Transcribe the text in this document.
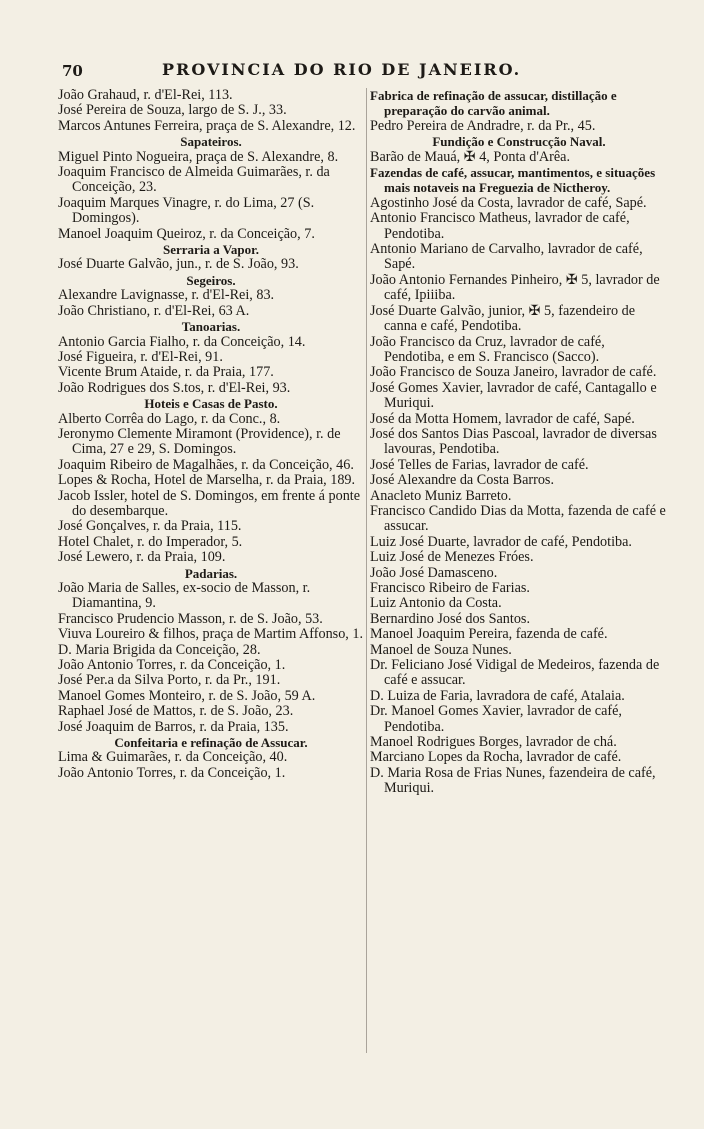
70	PROVINCIA DO RIO DE JANEIRO.

João Grahaud, r. d'El-Rei, 113.

José Pereira de Souza, largo de S. J., 33.

Marcos Antunes Ferreira, praça de S. Alexandre, 12.

Sapateiros.

Miguel Pinto Nogueira, praça de S. Alexandre, 8.

Joaquim Francisco de Almeida Guimarães, r. da Conceição, 23.

Joaquim Marques Vinagre, r. do Lima, 27 (S. Domingos).

Manoel Joaquim Queiroz, r. da Conceição, 7.

Serraria a Vapor.

José Duarte Galvão, jun., r. de S. João, 93.

Segeiros.

Alexandre Lavignasse, r. d'El-Rei, 83.

João Christiano, r. d'El-Rei, 63 A.

Tanoarias.

Antonio Garcia Fialho, r. da Conceição, 14.

José Figueira, r. d'El-Rei, 91.

Vicente Brum Ataide, r. da Praia, 177.

João Rodrigues dos S.tos, r. d'El-Rei, 93.

Hoteis e Casas de Pasto.

Alberto Corrêa do Lago, r. da Conc., 8.

Jeronymo Clemente Miramont (Providence), r. de Cima, 27 e 29, S. Domingos.

Joaquim Ribeiro de Magalhães, r. da Conceição, 46.

Lopes & Rocha, Hotel de Marselha, r. da Praia, 189.

Jacob Issler, hotel de S. Domingos, em frente á ponte do desembarque.

José Gonçalves, r. da Praia, 115.

Hotel Chalet, r. do Imperador, 5.

José Lewero, r. da Praia, 109.

Padarias.

João Maria de Salles, ex-socio de Masson, r. Diamantina, 9.

Francisco Prudencio Masson, r. de S. João, 53.

Viuva Loureiro & filhos, praça de Martim Affonso, 1.

D. Maria Brigida da Conceição, 28.

João Antonio Torres, r. da Conceição, 1.

José Per.a da Silva Porto, r. da Pr., 191.

Manoel Gomes Monteiro, r. de S. João, 59 A.

Raphael José de Mattos, r. de S. João, 23.

José Joaquim de Barros, r. da Praia, 135.

Confeitaria e refinação de Assucar.

Lima & Guimarães, r. da Conceição, 40.

João Antonio Torres, r. da Conceição, 1.

Fabrica de refinação de assucar, distillação e preparação do carvão animal.

Pedro Pereira de Andradre, r. da Pr., 45.

Fundição e Construcção Naval.

Barão de Mauá, ✠ 4, Ponta d'Arêa.

Fazendas de café, assucar, mantimentos, e situações mais notaveis na Freguezia de Nictheroy.

Agostinho José da Costa, lavrador de café, Sapé.

Antonio Francisco Matheus, lavrador de café, Pendotiba.

Antonio Mariano de Carvalho, lavrador de café, Sapé.

João Antonio Fernandes Pinheiro, ✠ 5, lavrador de café, Ipiiiba.

José Duarte Galvão, junior, ✠ 5, fazendeiro de canna e café, Pendotiba.

João Francisco da Cruz, lavrador de café, Pendotiba, e em S. Francisco (Sacco).

João Francisco de Souza Janeiro, lavrador de café.

José Gomes Xavier, lavrador de café, Cantagallo e Muriqui.

José da Motta Homem, lavrador de café, Sapé.

José dos Santos Dias Pascoal, lavrador de diversas lavouras, Pendotiba.

José Telles de Farias, lavrador de café.

José Alexandre da Costa Barros.

Anacleto Muniz Barreto.

Francisco Candido Dias da Motta, fazenda de café e assucar.

Luiz José Duarte, lavrador de café, Pendotiba.

Luiz José de Menezes Fróes.

João José Damasceno.

Francisco Ribeiro de Farias.

Luiz Antonio da Costa.

Bernardino José dos Santos.

Manoel Joaquim Pereira, fazenda de café.

Manoel de Souza Nunes.

Dr. Feliciano José Vidigal de Medeiros, fazenda de café e assucar.

D. Luiza de Faria, lavradora de café, Atalaia.

Dr. Manoel Gomes Xavier, lavrador de café, Pendotiba.

Manoel Rodrigues Borges, lavrador de chá.

Marciano Lopes da Rocha, lavrador de café.

D. Maria Rosa de Frias Nunes, fazendeira de café, Muriqui.
